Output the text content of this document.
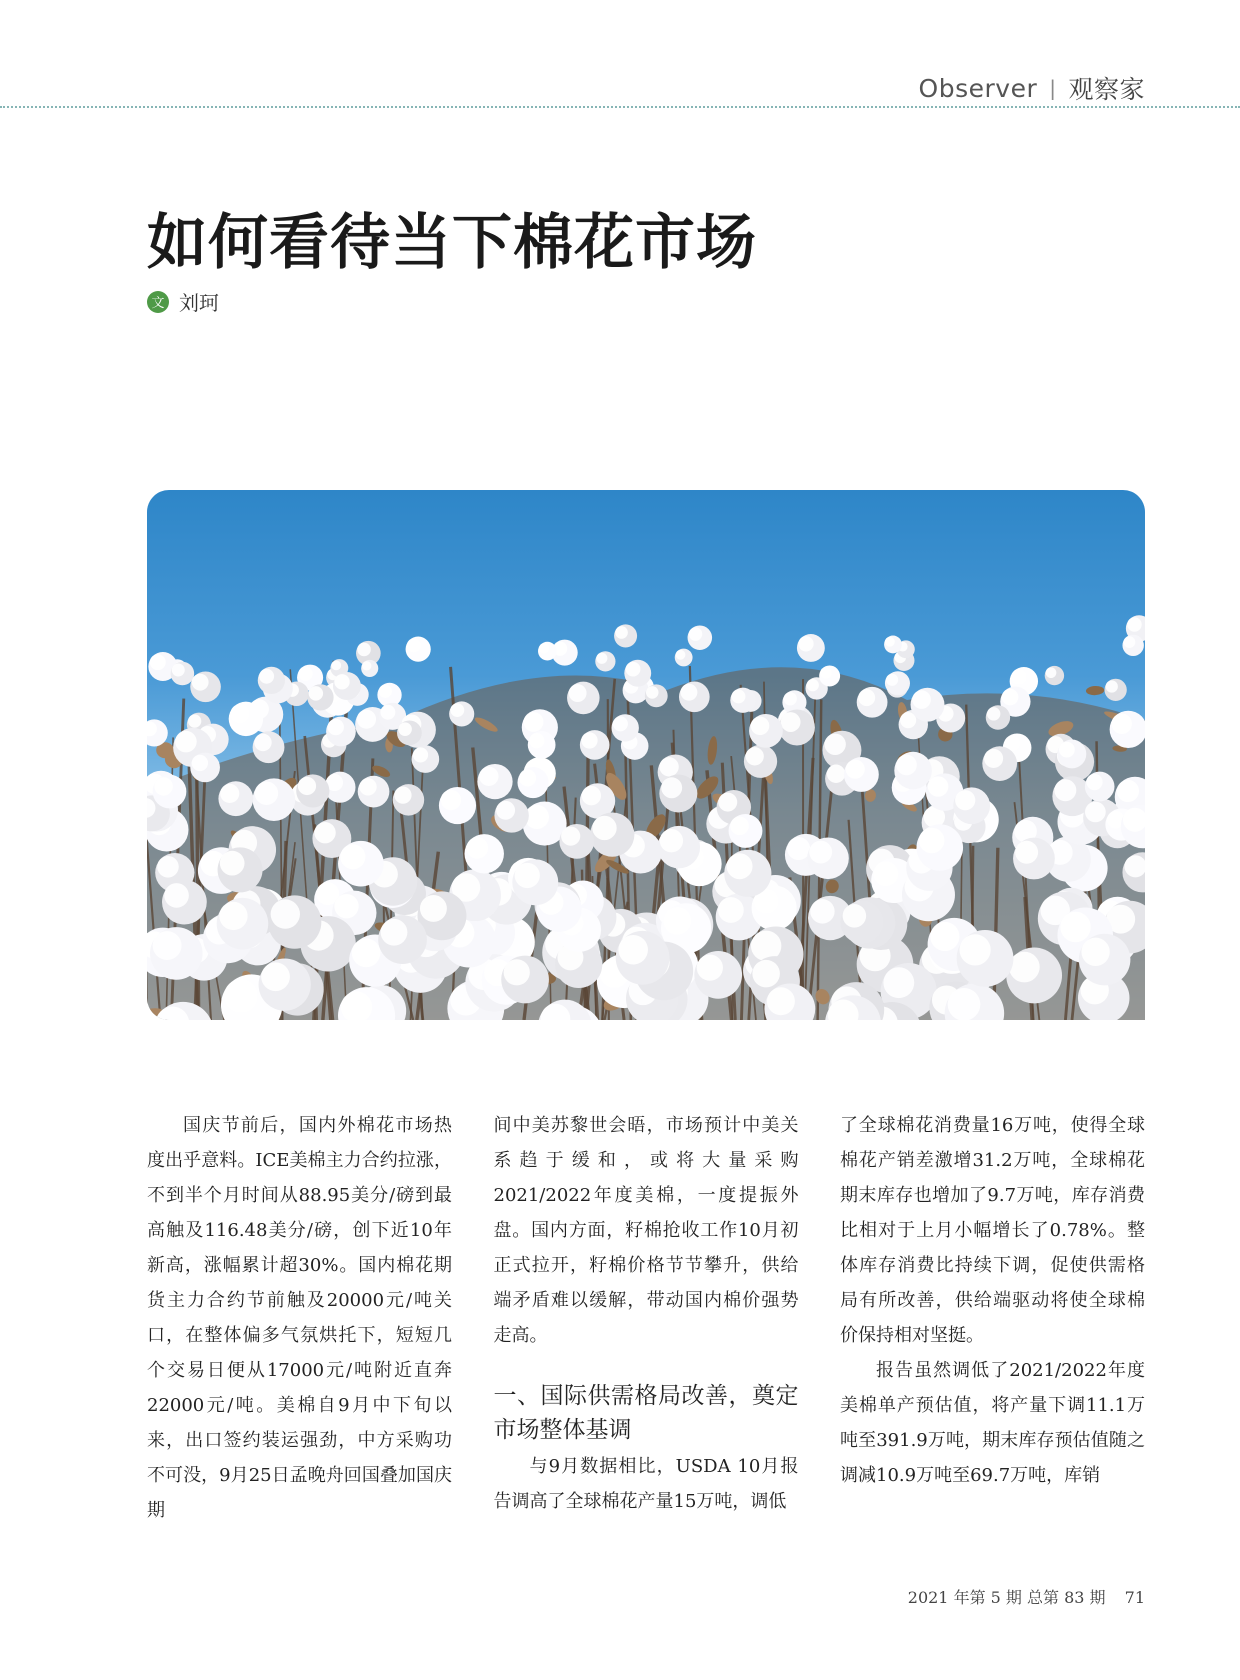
Observer | 观察家
如何看待当下棉花市场
文 刘珂

国庆节前后，国内外棉花市场热度出乎意料。ICE美棉主力合约拉涨，不到半个月时间从88.95美分/磅到最高触及116.48美分/磅，创下近10年新高，涨幅累计超30%。国内棉花期货主力合约节前触及20000元/吨关口，在整体偏多气氛烘托下，短短几个交易日便从17000元/吨附近直奔22000元/吨。美棉自9月中下旬以来，出口签约装运强劲，中方采购功不可没，9月25日孟晚舟回国叠加国庆期

间中美苏黎世会晤，市场预计中美关系趋于缓和，或将大量采购2021/2022年度美棉，一度提振外盘。国内方面，籽棉抢收工作10月初正式拉开，籽棉价格节节攀升，供给端矛盾难以缓解，带动国内棉价强势走高。

一、国际供需格局改善，奠定市场整体基调

与9月数据相比，USDA 10月报告调高了全球棉花产量15万吨，调低

了全球棉花消费量16万吨，使得全球棉花产销差激增31.2万吨，全球棉花期末库存也增加了9.7万吨，库存消费比相对于上月小幅增长了0.78%。整体库存消费比持续下调，促使供需格局有所改善，供给端驱动将使全球棉价保持相对坚挺。

报告虽然调低了2021/2022年度美棉单产预估值，将产量下调11.1万吨至391.9万吨，期末库存预估值随之调减10.9万吨至69.7万吨，库销

2021 年第 5 期 总第 83 期 71
